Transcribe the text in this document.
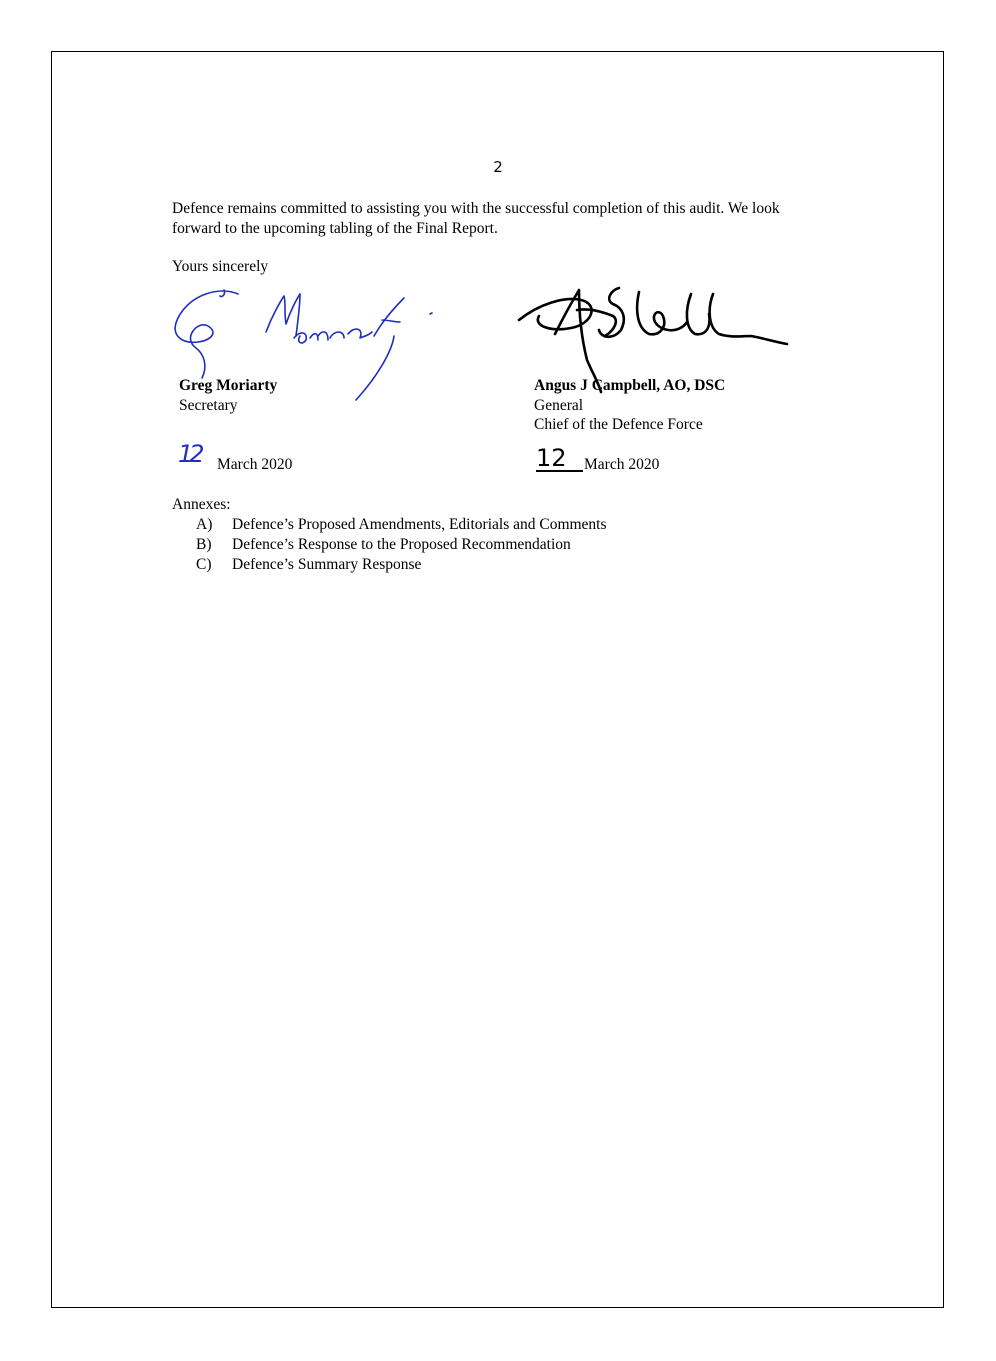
2
Defence remains committed to assisting you with the successful completion of this audit. We look forward to the upcoming tabling of the Final Report.
Yours sincerely
Greg Moriarty
Secretary
12 March 2020
Angus J Campbell, AO, DSC
General
Chief of the Defence Force
12	March 2020
Annexes:
A)	Defence’s Proposed Amendments, Editorials and Comments
B)	Defence’s Response to the Proposed Recommendation
C)	Defence’s Summary Response
